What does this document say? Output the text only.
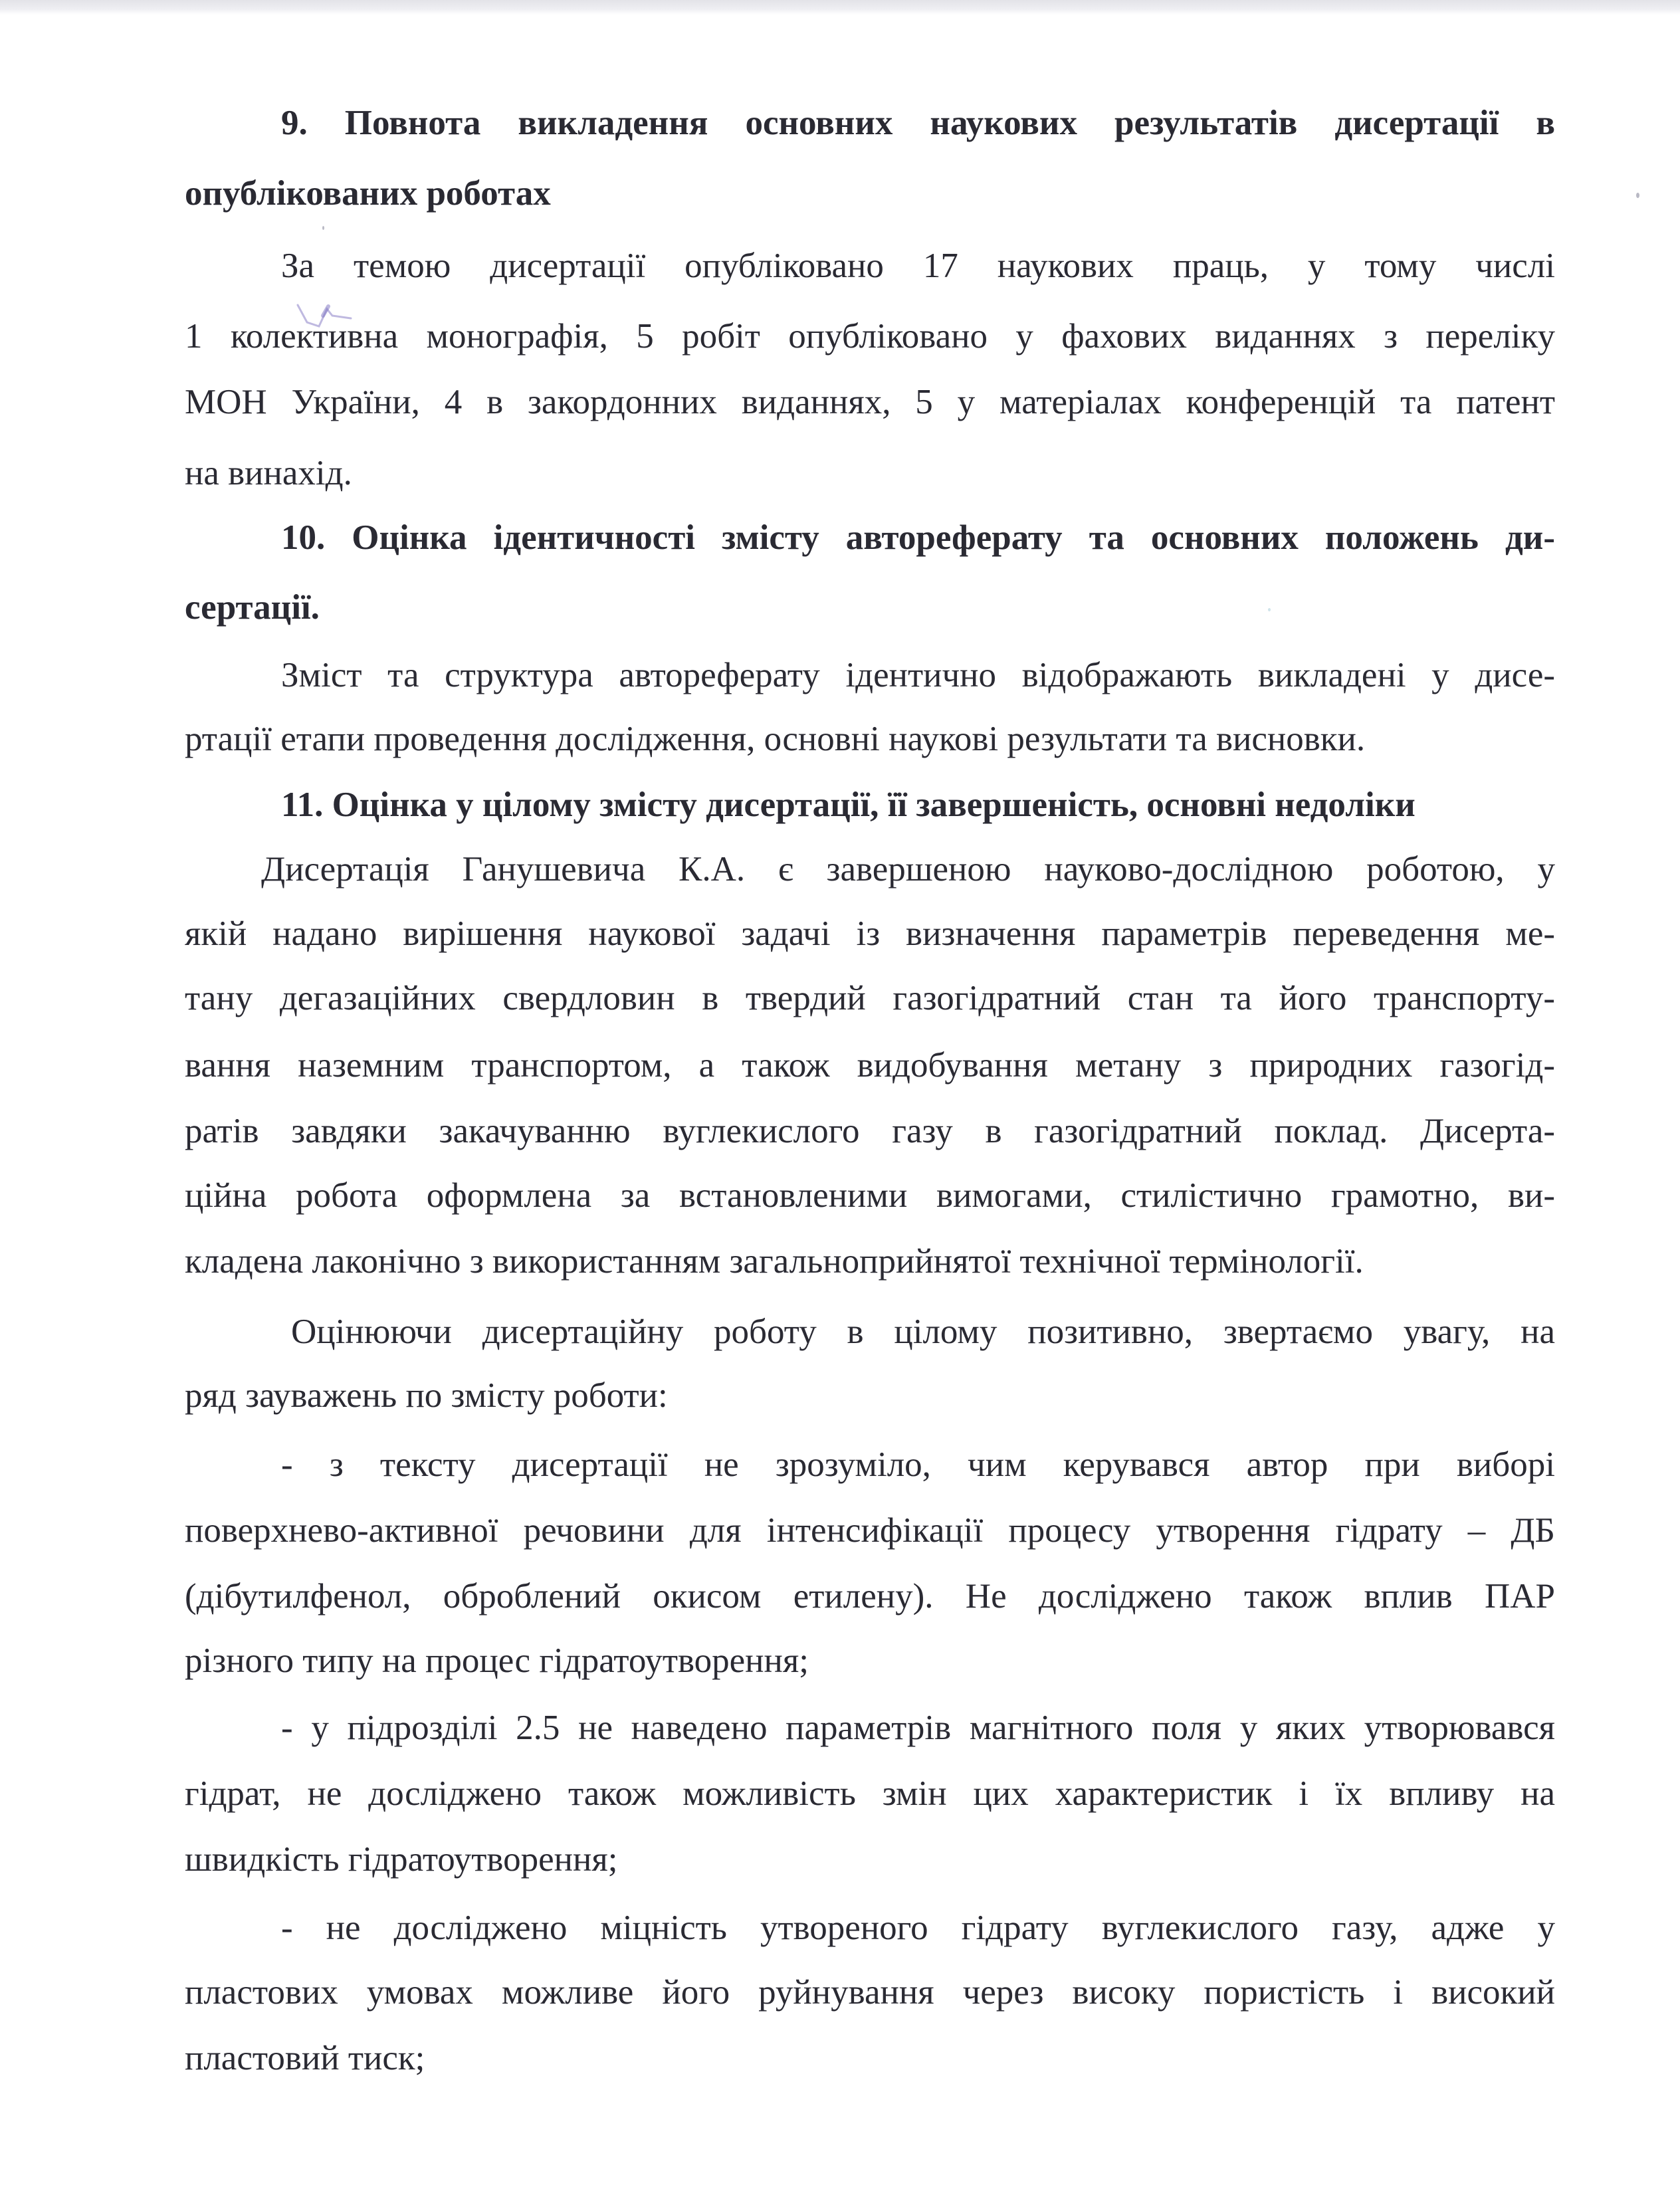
9. Повнота викладення основних наукових результатів дисертації в
опублікованих роботах
За темою дисертації опубліковано 17 наукових праць, у тому числі
1 колективна монографія, 5 робіт опубліковано у фахових виданнях з переліку
МОН України, 4 в закордонних виданнях, 5 у матеріалах конференцій та патент
на винахід.
10. Оцінка ідентичності змісту автореферату та основних положень ди-
сертації.
Зміст та структура автореферату ідентично відображають викладені у дисе-
ртації етапи проведення дослідження, основні наукові результати та висновки.
11. Оцінка у цілому змісту дисертації, її завершеність, основні недоліки
Дисертація Ганушевича К.А. є завершеною науково-дослідною роботою, у
якій надано вирішення наукової задачі із визначення параметрів переведення ме-
тану дегазаційних свердловин в твердий газогідратний стан та його транспорту-
вання наземним транспортом, а також видобування метану з природних газогід-
ратів завдяки закачуванню вуглекислого газу в газогідратний поклад. Дисерта-
ційна робота оформлена за встановленими вимогами, стилістично грамотно, ви-
кладена лаконічно з використанням загальноприйнятої технічної термінології.
Оцінюючи дисертаційну роботу в цілому позитивно, звертаємо увагу, на
ряд зауважень по змісту роботи:
- з тексту дисертації не зрозуміло, чим керувався автор при виборі
поверхнево-активної речовини для інтенсифікації процесу утворення гідрату – ДБ
(дібутилфенол, оброблений окисом етилену). Не досліджено також вплив ПАР
різного типу на процес гідратоутворення;
- у підрозділі 2.5 не наведено параметрів магнітного поля у яких утворювався
гідрат, не досліджено також можливість змін цих характеристик і їх впливу на
швидкість гідратоутворення;
- не досліджено міцність утвореного гідрату вуглекислого газу, адже у
пластових умовах можливе його руйнування через високу пористість і високий
пластовий тиск;
